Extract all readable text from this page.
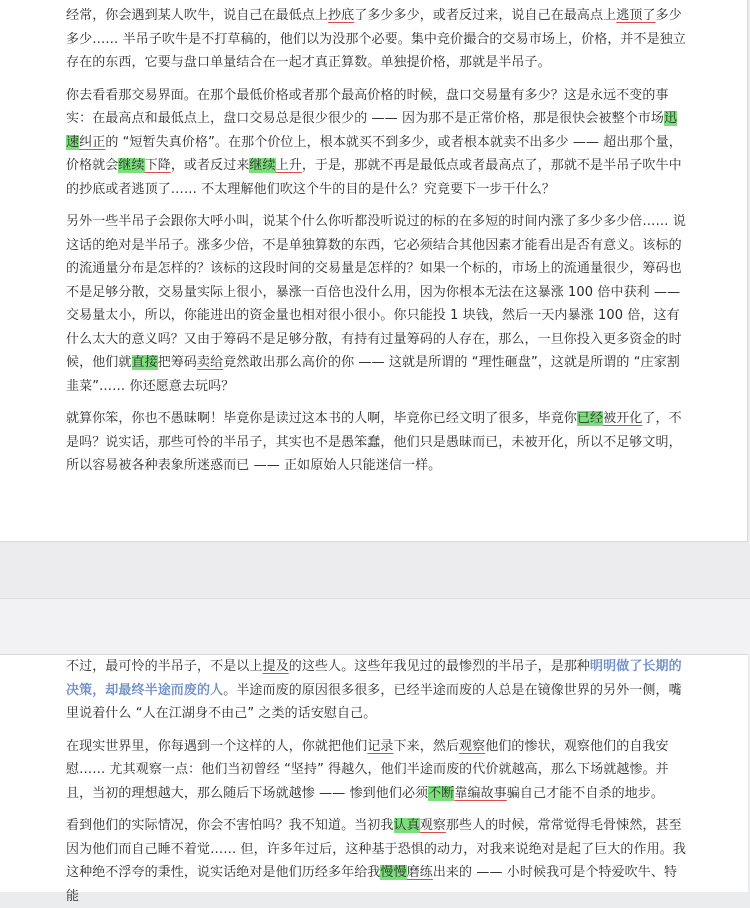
经常，你会遇到某人吹牛，说自己在最低点上抄底了多少多少，或者反过来，说自己在最高点上逃顶了多少多少…… 半吊子吹牛是不打草稿的，他们以为没那个必要。集中竞价撮合的交易市场上，价格，并不是独立存在的东西，它要与盘口单量结合在一起才真正算数。单独提价格，那就是半吊子。

你去看看那交易界面。在那个最低价格或者那个最高价格的时候，盘口交易量有多少？这是永远不变的事实：在最高点和最低点上，盘口交易总是很少很少的 —— 因为那不是正常价格，那是很快会被整个市场迅速纠正的 “短暂失真价格”。在那个价位上，根本就买不到多少，或者根本就卖不出多少 —— 超出那个量，价格就会继续下降，或者反过来继续上升，于是，那就不再是最低点或者最高点了，那就不是半吊子吹牛中的抄底或者逃顶了…… 不太理解他们吹这个牛的目的是什么？究竟要下一步干什么？

另外一些半吊子会跟你大呼小叫，说某个什么你听都没听说过的标的在多短的时间内涨了多少多少倍…… 说这话的绝对是半吊子。涨多少倍，不是单独算数的东西，它必须结合其他因素才能看出是否有意义。该标的的流通量分布是怎样的？该标的这段时间的交易量是怎样的？如果一个标的，市场上的流通量很少，筹码也不是足够分散，交易量实际上很小，暴涨一百倍也没什么用，因为你根本无法在这暴涨 100 倍中获利 —— 交易量太小，所以，你能进出的资金量也相对很小很小。你只能投 1 块钱，然后一天内暴涨 100 倍，这有什么太大的意义吗？又由于筹码不是足够分散，有持有过量筹码的人存在，那么，一旦你投入更多资金的时候，他们就直接把筹码卖给竟然敢出那么高价的你 —— 这就是所谓的 “理性砸盘”，这就是所谓的 “庄家割韭菜”…… 你还愿意去玩吗？

就算你笨，你也不愚昧啊！毕竟你是读过这本书的人啊，毕竟你已经文明了很多，毕竟你已经被开化了，不是吗？说实话，那些可怜的半吊子，其实也不是愚笨蠢，他们只是愚昧而已，未被开化，所以不足够文明，所以容易被各种表象所迷惑而已 —— 正如原始人只能迷信一样。

不过，最可怜的半吊子，不是以上提及的这些人。这些年我见过的最惨烈的半吊子，是那种明明做了长期的决策，却最终半途而废的人。半途而废的原因很多很多，已经半途而废的人总是在镜像世界的另外一侧，嘴里说着什么 “人在江湖身不由己” 之类的话安慰自己。

在现实世界里，你每遇到一个这样的人，你就把他们记录下来，然后观察他们的惨状，观察他们的自我安慰…… 尤其观察一点：他们当初曾经 “坚持” 得越久，他们半途而废的代价就越高，那么下场就越惨。并且，当初的理想越大，那么随后下场就越惨 —— 惨到他们必须不断靠编故事骗自己才能不自杀的地步。

看到他们的实际情况，你会不害怕吗？我不知道。当初我认真观察那些人的时候，常常觉得毛骨悚然，甚至因为他们而自己睡不着觉…… 但，许多年过后，这种基于恐惧的动力，对我来说绝对是起了巨大的作用。我这种绝不浮夸的秉性，说实话绝对是他们历经多年给我慢慢磨练出来的 —— 小时候我可是个特爱吹牛、特能
